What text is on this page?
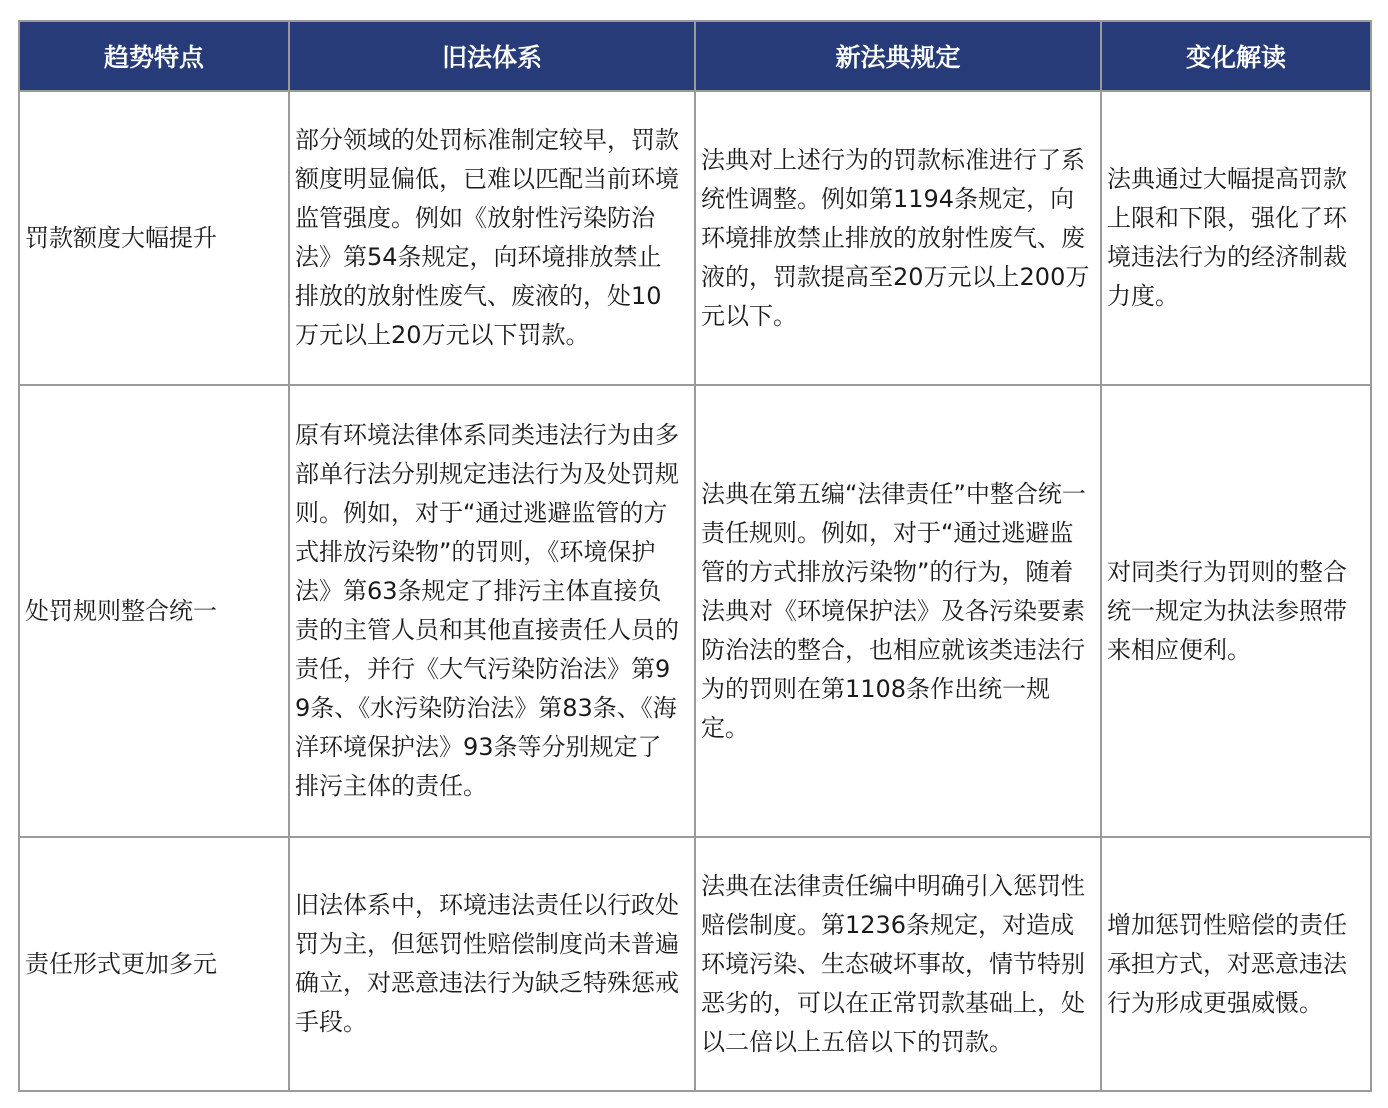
趋势特点	旧法体系	新法典规定	变化解读
罚款额度大幅提升	部分领域的处罚标准制定较早，罚款额度明显偏低，已难以匹配当前环境监管强度。例如《放射性污染防治法》第54条规定，向环境排放禁止排放的放射性废气、废液的，处10万元以上20万元以下罚款。	法典对上述行为的罚款标准进行了系统性调整。例如第1194条规定，向环境排放禁止排放的放射性废气、废液的，罚款提高至20万元以上200万元以下。	法典通过大幅提高罚款上限和下限，强化了环境违法行为的经济制裁力度。
处罚规则整合统一	原有环境法律体系同类违法行为由多部单行法分别规定违法行为及处罚规则。例如，对于“通过逃避监管的方式排放污染物”的罚则，《环境保护法》第63条规定了排污主体直接负责的主管人员和其他直接责任人员的责任，并行《大气污染防治法》第99条、《水污染防治法》第83条、《海洋环境保护法》93条等分别规定了排污主体的责任。	法典在第五编“法律责任”中整合统一责任规则。例如，对于“通过逃避监管的方式排放污染物”的行为，随着法典对《环境保护法》及各污染要素防治法的整合，也相应就该类违法行为的罚则在第1108条作出统一规定。	对同类行为罚则的整合统一规定为执法参照带来相应便利。
责任形式更加多元	旧法体系中，环境违法责任以行政处罚为主，但惩罚性赔偿制度尚未普遍确立，对恶意违法行为缺乏特殊惩戒手段。	法典在法律责任编中明确引入惩罚性赔偿制度。第1236条规定，对造成环境污染、生态破坏事故，情节特别恶劣的，可以在正常罚款基础上，处以二倍以上五倍以下的罚款。	增加惩罚性赔偿的责任承担方式，对恶意违法行为形成更强威慑。
